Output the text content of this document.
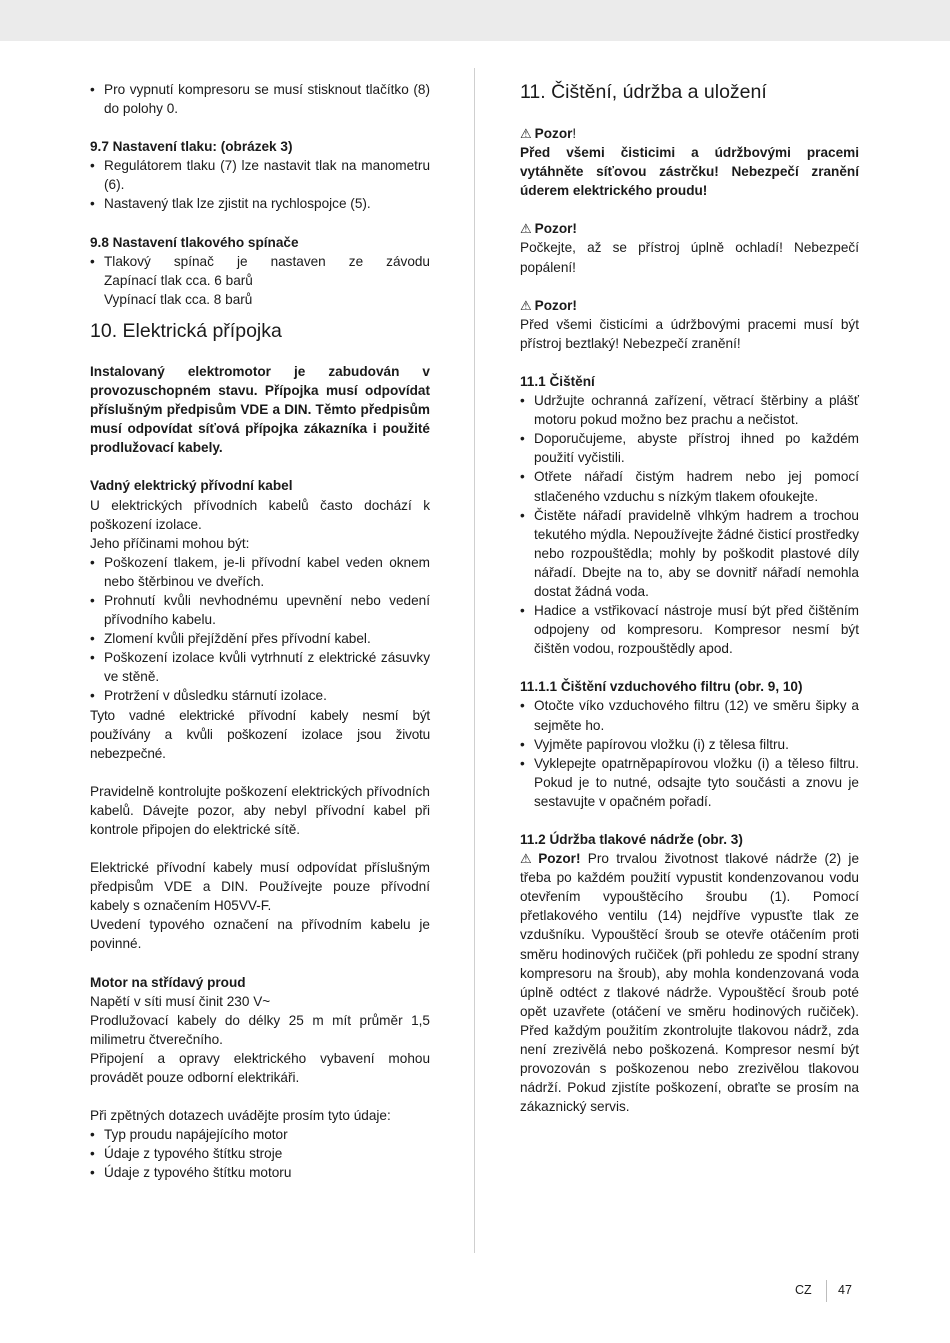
• Pro vypnutí kompresoru se musí stisknout tlačítko (8) do polohy 0.

9.7 Nastavení tlaku: (obrázek 3)

• Regulátorem tlaku (7) lze nastavit tlak na manometru (6).
• Nastavený tlak lze zjistit na rychlospojce (5).

9.8 Nastavení tlakového spínače

• Tlakový spínač je nastaven ze závodu

Zapínací tlak cca. 6 barů

Vypínací tlak cca. 8 barů

10. Elektrická přípojka

Instalovaný elektromotor je zabudován v provozuschopném stavu. Přípojka musí odpovídat příslušným předpisům VDE a DIN. Těmto předpisům musí odpovídat síťová přípojka zákazníka i použité prodlužovací kabely.

Vadný elektrický přívodní kabel

U elektrických přívodních kabelů často dochází k poškození izolace.

Jeho příčinami mohou být:

• Poškození tlakem, je-li přívodní kabel veden oknem nebo štěrbinou ve dveřích.
• Prohnutí kvůli nevhodnému upevnění nebo vedení přívodního kabelu.
• Zlomení kvůli přejíždění přes přívodní kabel.
• Poškození izolace kvůli vytrhnutí z elektrické zásuvky ve stěně.
• Protržení v důsledku stárnutí izolace.

Tyto vadné elektrické přívodní kabely nesmí být používány a kvůli poškození izolace jsou životu nebezpečné.

Pravidelně kontrolujte poškození elektrických přívodních kabelů. Dávejte pozor, aby nebyl přívodní kabel při kontrole připojen do elektrické sítě.

Elektrické přívodní kabely musí odpovídat příslušným předpisům VDE a DIN. Používejte pouze přívodní kabely s označením H05VV-F.

Uvedení typového označení na přívodním kabelu je povinné.

Motor na střídavý proud

Napětí v síti musí činit 230 V~

Prodlužovací kabely do délky 25 m mít průměr 1,5 milimetru čtverečního.

Připojení a opravy elektrického vybavení mohou provádět pouze odborní elektrikáři.

Při zpětných dotazech uvádějte prosím tyto údaje:

• Typ proudu napájejícího motor
• Údaje z typového štítku stroje
• Údaje z typového štítku motoru
11. Čištění, údržba a uložení

⚠ Pozor!

Před všemi čisticimi a údržbovými pracemi vytáhněte síťovou zástrčku! Nebezpečí zranění úderem elektrického proudu!

⚠ Pozor!

Počkejte, až se přístroj úplně ochladí! Nebezpečí popálení!

⚠ Pozor!

Před všemi čisticími a údržbovými pracemi musí být přístroj beztlaký! Nebezpečí zranění!

11.1 Čištění

• Udržujte ochranná zařízení, větrací štěrbiny a plášť motoru pokud možno bez prachu a nečistot.
• Doporučujeme, abyste přístroj ihned po každém použití vyčistili.
• Otřete nářadí čistým hadrem nebo jej pomocí stlačeného vzduchu s nízkým tlakem ofoukejte.
• Čistěte nářadí pravidelně vlhkým hadrem a trochou tekutého mýdla. Nepoužívejte žádné čisticí prostředky nebo rozpouštědla; mohly by poškodit plastové díly nářadí. Dbejte na to, aby se dovnitř nářadí nemohla dostat žádná voda.
• Hadice a vstřikovací nástroje musí být před čištěním odpojeny od kompresoru. Kompresor nesmí být čištěn vodou, rozpouštědly apod.

11.1.1 Čištění vzduchového filtru (obr. 9, 10)

• Otočte víko vzduchového filtru (12) ve směru šipky a sejměte ho.
• Vyjměte papírovou vložku (i) z tělesa filtru.
• Vyklepejte opatrněpapírovou vložku (i) a těleso filtru. Pokud je to nutné, odsajte tyto součásti a znovu je sestavujte v opačném pořadí.

11.2 Údržba tlakové nádrže (obr. 3)

⚠ Pozor! Pro trvalou životnost tlakové nádrže (2) je třeba po každém použití vypustit kondenzovanou vodu otevřením vypouštěcího šroubu (1). Pomocí přetlakového ventilu (14) nejdříve vypusťte tlak ze vzdušníku. Vypouštěcí šroub se otevře otáčením proti směru hodinových ručiček (při pohledu ze spodní strany kompresoru na šroub), aby mohla kondenzovaná voda úplně odtéct z tlakové nádrže. Vypouštěcí šroub poté opět uzavřete (otáčení ve směru hodinových ručiček). Před každým použitím zkontrolujte tlakovou nádrž, zda není zrezivělá nebo poškozená. Kompresor nesmí být provozován s poškozenou nebo zrezivělou tlakovou nádrží. Pokud zjistíte poškození, obraťte se prosím na zákaznický servis.

CZ 47
